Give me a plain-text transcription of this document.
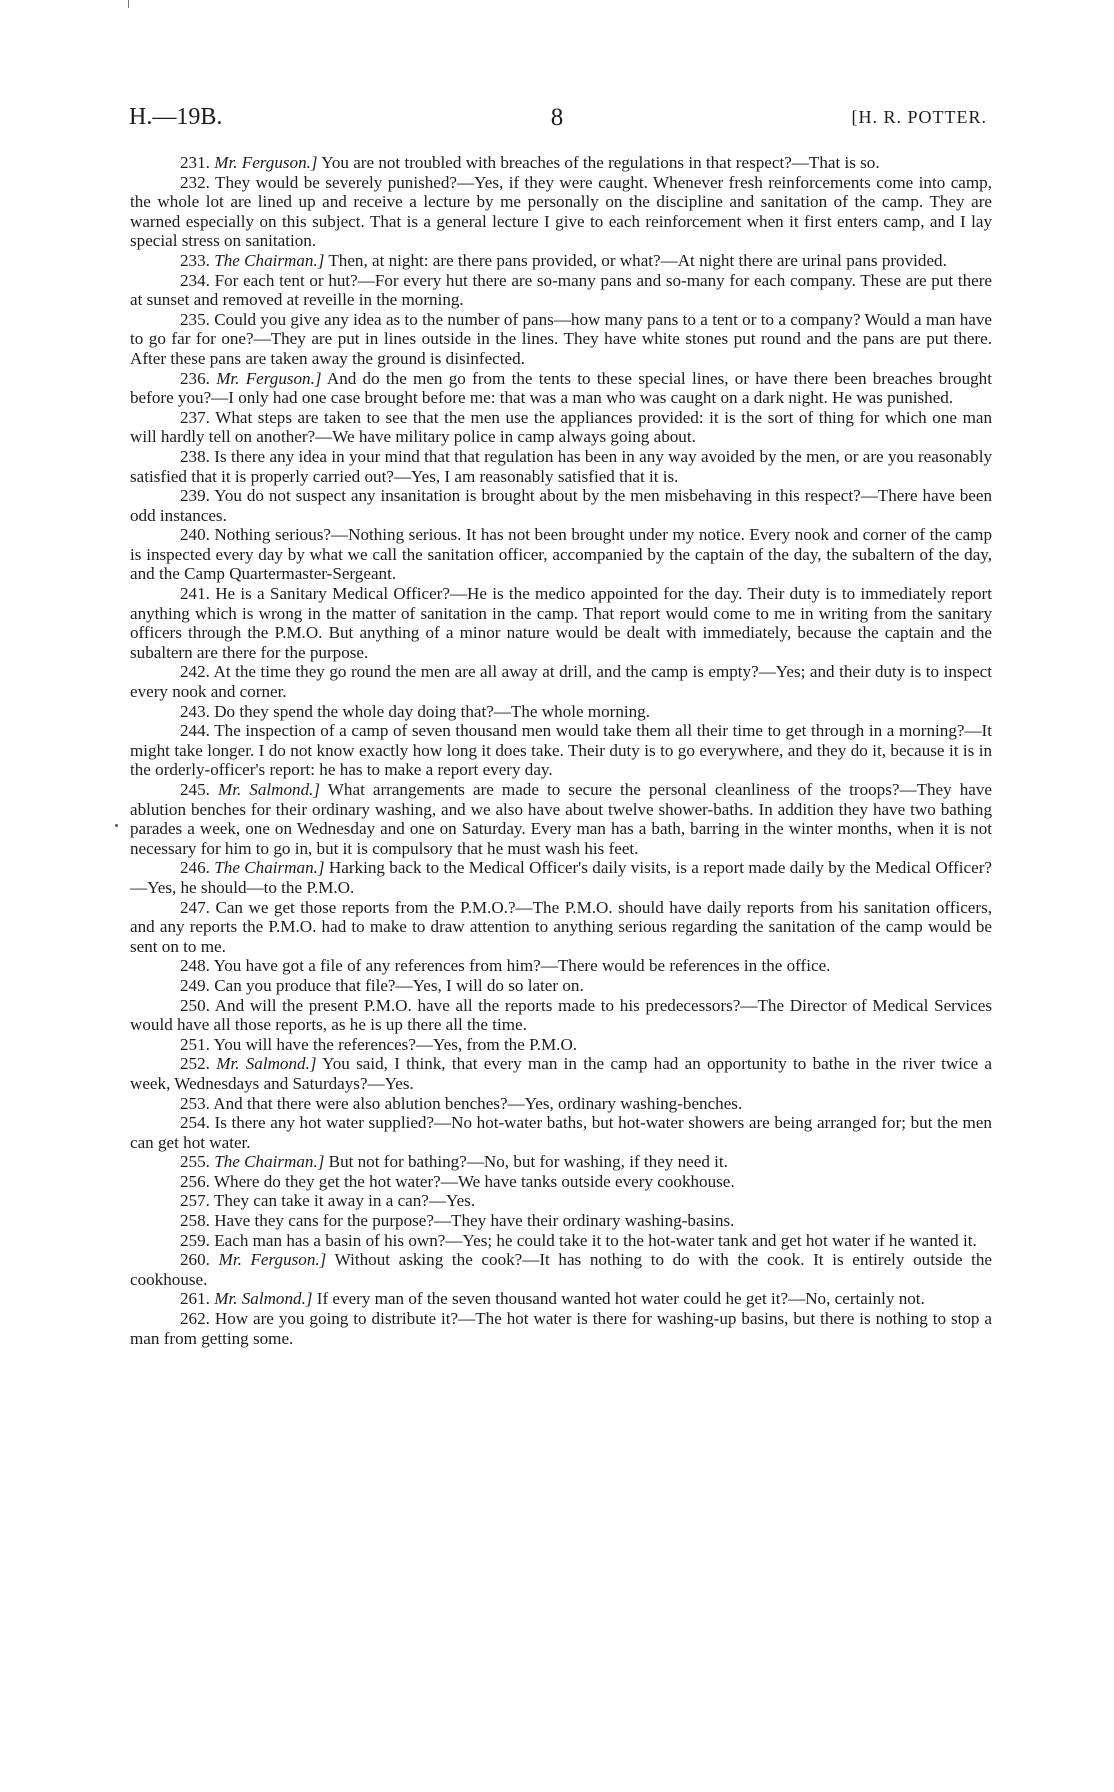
H.—19B.	8	[H. R. POTTER.

231. Mr. Ferguson.] You are not troubled with breaches of the regulations in that respect?—That is so.

232. They would be severely punished?—Yes, if they were caught. Whenever fresh reinforcements come into camp, the whole lot are lined up and receive a lecture by me personally on the discipline and sanitation of the camp. They are warned especially on this subject. That is a general lecture I give to each reinforcement when it first enters camp, and I lay special stress on sanitation.

233. The Chairman.] Then, at night: are there pans provided, or what?—At night there are urinal pans provided.

234. For each tent or hut?—For every hut there are so-many pans and so-many for each company. These are put there at sunset and removed at reveille in the morning.

235. Could you give any idea as to the number of pans—how many pans to a tent or to a company? Would a man have to go far for one?—They are put in lines outside in the lines. They have white stones put round and the pans are put there. After these pans are taken away the ground is disinfected.

236. Mr. Ferguson.] And do the men go from the tents to these special lines, or have there been breaches brought before you?—I only had one case brought before me: that was a man who was caught on a dark night. He was punished.

237. What steps are taken to see that the men use the appliances provided: it is the sort of thing for which one man will hardly tell on another?—We have military police in camp always going about.

238. Is there any idea in your mind that that regulation has been in any way avoided by the men, or are you reasonably satisfied that it is properly carried out?—Yes, I am reasonably satisfied that it is.

239. You do not suspect any insanitation is brought about by the men misbehaving in this respect?—There have been odd instances.

240. Nothing serious?—Nothing serious. It has not been brought under my notice. Every nook and corner of the camp is inspected every day by what we call the sanitation officer, accompanied by the captain of the day, the subaltern of the day, and the Camp Quartermaster-Sergeant.

241. He is a Sanitary Medical Officer?—He is the medico appointed for the day. Their duty is to immediately report anything which is wrong in the matter of sanitation in the camp. That report would come to me in writing from the sanitary officers through the P.M.O. But anything of a minor nature would be dealt with immediately, because the captain and the subaltern are there for the purpose.

242. At the time they go round the men are all away at drill, and the camp is empty?—Yes; and their duty is to inspect every nook and corner.

243. Do they spend the whole day doing that?—The whole morning.

244. The inspection of a camp of seven thousand men would take them all their time to get through in a morning?—It might take longer. I do not know exactly how long it does take. Their duty is to go everywhere, and they do it, because it is in the orderly-officer's report: he has to make a report every day.

245. Mr. Salmond.] What arrangements are made to secure the personal cleanliness of the troops?—They have ablution benches for their ordinary washing, and we also have about twelve shower-baths. In addition they have two bathing parades a week, one on Wednesday and one on Saturday. Every man has a bath, barring in the winter months, when it is not necessary for him to go in, but it is compulsory that he must wash his feet.

246. The Chairman.] Harking back to the Medical Officer's daily visits, is a report made daily by the Medical Officer?—Yes, he should—to the P.M.O.

247. Can we get those reports from the P.M.O.?—The P.M.O. should have daily reports from his sanitation officers, and any reports the P.M.O. had to make to draw attention to anything serious regarding the sanitation of the camp would be sent on to me.

248. You have got a file of any references from him?—There would be references in the office.

249. Can you produce that file?—Yes, I will do so later on.

250. And will the present P.M.O. have all the reports made to his predecessors?—The Director of Medical Services would have all those reports, as he is up there all the time.

251. You will have the references?—Yes, from the P.M.O.

252. Mr. Salmond.] You said, I think, that every man in the camp had an opportunity to bathe in the river twice a week, Wednesdays and Saturdays?—Yes.

253. And that there were also ablution benches?—Yes, ordinary washing-benches.

254. Is there any hot water supplied?—No hot-water baths, but hot-water showers are being arranged for; but the men can get hot water.

255. The Chairman.] But not for bathing?—No, but for washing, if they need it.

256. Where do they get the hot water?—We have tanks outside every cookhouse.

257. They can take it away in a can?—Yes.

258. Have they cans for the purpose?—They have their ordinary washing-basins.

259. Each man has a basin of his own?—Yes; he could take it to the hot-water tank and get hot water if he wanted it.

260. Mr. Ferguson.] Without asking the cook?—It has nothing to do with the cook. It is entirely outside the cookhouse.

261. Mr. Salmond.] If every man of the seven thousand wanted hot water could he get it?—No, certainly not.

262. How are you going to distribute it?—The hot water is there for washing-up basins, but there is nothing to stop a man from getting some.
